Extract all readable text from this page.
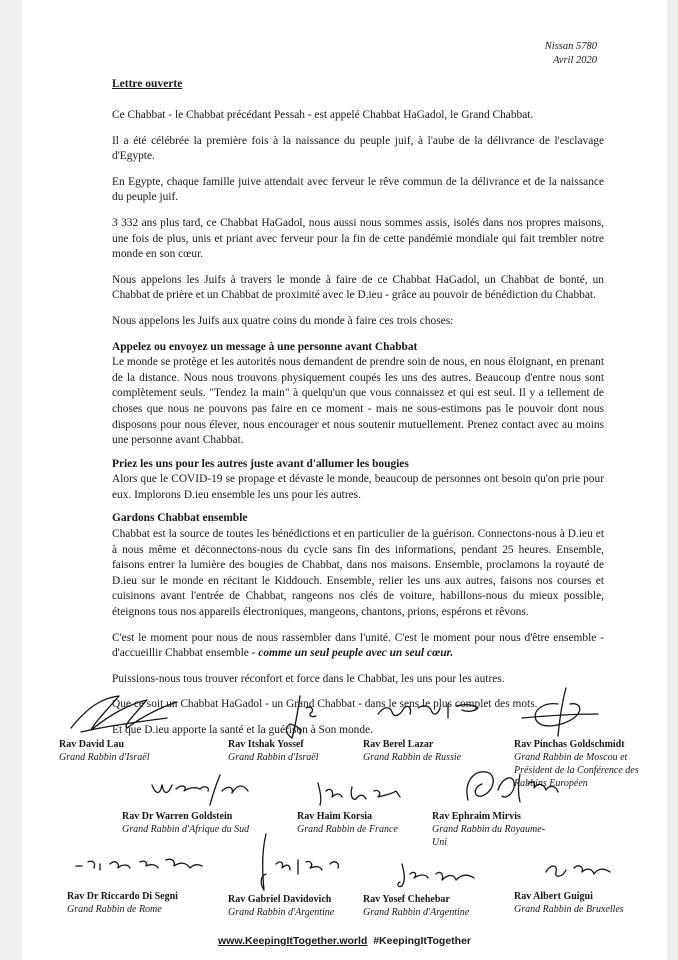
Nissan 5780
Avril 2020
Lettre ouverte

Ce Chabbat - le Chabbat précédant Pessah - est appelé Chabbat HaGadol, le Grand Chabbat.

Il a été célébrée la première fois à la naissance du peuple juif, à l'aube de la délivrance de l'esclavage d'Egypte.

En Egypte, chaque famille juive attendait avec ferveur le rêve commun de la délivrance et de la naissance du peuple juif.

3 332 ans plus tard, ce Chabbat HaGadol, nous aussi nous sommes assis, isolés dans nos propres maisons, une fois de plus, unis et priant avec ferveur pour la fin de cette pandémie mondiale qui fait trembler notre monde en son cœur.

Nous appelons les Juifs à travers le monde à faire de ce Chabbat HaGadol, un Chabbat de bonté, un Chabbat de prière et un Chabbat de proximité avec le D.ieu - grâce au pouvoir de bénédiction du Chabbat.

Nous appelons les Juifs aux quatre coins du monde à faire ces trois choses:

Appelez ou envoyez un message à une personne avant Chabbat
Le monde se protège et les autorités nous demandent de prendre soin de nous, en nous éloignant, en prenant de la distance. Nous nous trouvons physiquement coupés les uns des autres. Beaucoup d'entre nous sont complètement seuls. "Tendez la main" à quelqu'un que vous connaissez et qui est seul. Il y a tellement de choses que nous ne pouvons pas faire en ce moment - mais ne sous-estimons pas le pouvoir dont nous disposons pour nous élever, nous encourager et nous soutenir mutuellement. Prenez contact avec au moins une personne avant Chabbat.
Priez les uns pour les autres juste avant d'allumer les bougies
Alors que le COVID-19 se propage et dévaste le monde, beaucoup de personnes ont besoin qu'on prie pour eux. Implorons D.ieu ensemble les uns pour les autres.
Gardons Chabbat ensemble
Chabbat est la source de toutes les bénédictions et en particulier de la guérison. Connectons-nous à D.ieu et à nous même et déconnectons-nous du cycle sans fin des informations, pendant 25 heures. Ensemble, faisons entrer la lumière des bougies de Chabbat, dans nos maisons. Ensemble, proclamons la royauté de D.ieu sur le monde en récitant le Kiddouch. Ensemble, relier les uns aux autres, faisons nos courses et cuisinons avant l'entrée de Chabbat, rangeons nos clés de voiture, habillons-nous du mieux possible, éteignons tous nos appareils électroniques, mangeons, chantons, prions, espérons et rêvons.

C'est le moment pour nous de nous rassembler dans l'unité. C'est le moment pour nous d'être ensemble - d'accueillir Chabbat ensemble - comme un seul peuple avec un seul cœur.

Puissions-nous tous trouver réconfort et force dans le Chabbat, les uns pour les autres.

Que ce soit un Chabbat HaGadol - un Grand Chabbat - dans le sens le plus complet des mots.

Et que D.ieu apporte la santé et la guérison à Son monde.

Rav David Lau
Grand Rabbin d'Israël
Rav Itshak Yossef
Grand Rabbin d'Israël
Rav Berel Lazar
Grand Rabbin de Russie
Rav Pinchas Goldschmidt
Grand Rabbin de Moscou et Président de la Conférence des Rabbins Européen
Rav Dr Warren Goldstein
Grand Rabbin d'Afrique du Sud
Rav Haim Korsia
Grand Rabbin de France
Rav Ephraim Mirvis
Grand Rabbin du Royaume-Uni
Rav Dr Riccardo Di Segni
Grand Rabbin de Rome
Rav Gabriel Davidovich
Grand Rabbin d'Argentine
Rav Yosef Chehebar
Grand Rabbin d'Argentine
Rav Albert Guigui
Grand Rabbin de Bruxelles
www.KeepingItTogether.world #KeepingItTogether
